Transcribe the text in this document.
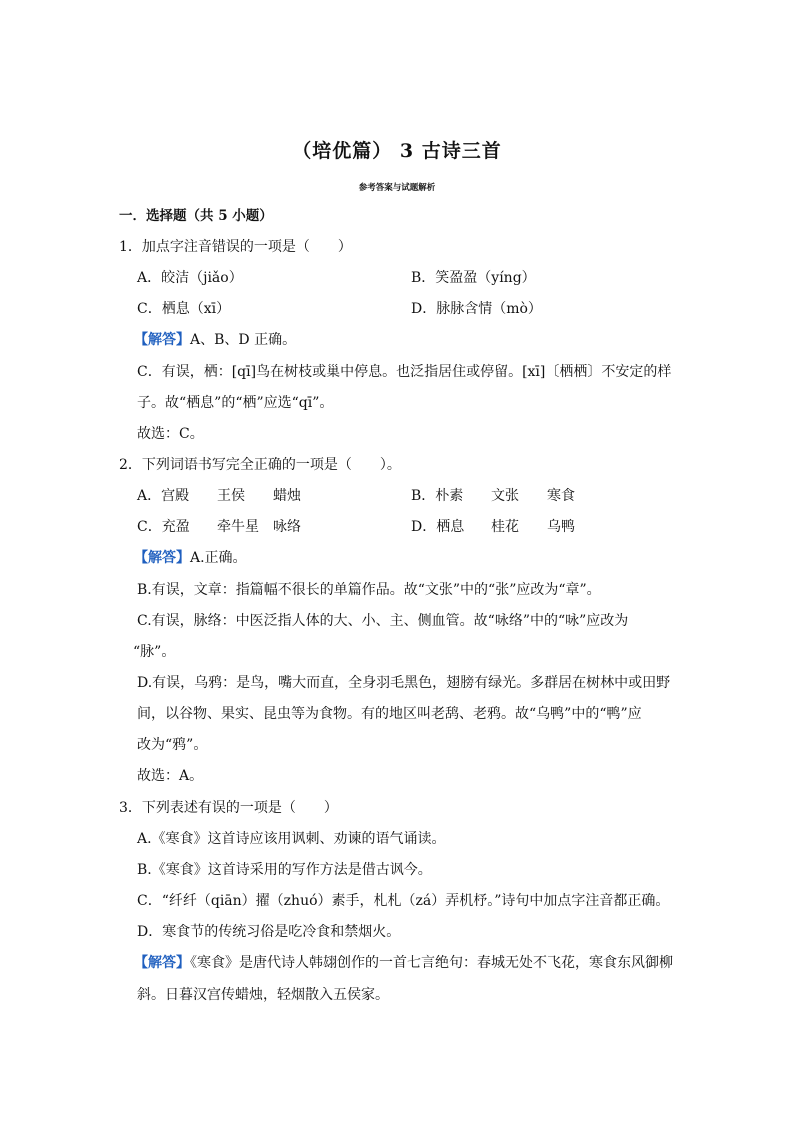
（培优篇） 3 古诗三首
参考答案与试题解析
一．选择题（共 5 小题）
1．加点字注音错误的一项是（　　）
A．皎洁（jiǎo）	B．笑盈盈（yíng）
C．栖息（xī）	D．脉脉含情（mò）
【解答】A、B、D 正确。
C．有误，栖：[qī]鸟在树枝或巢中停息。也泛指居住或停留。[xī]〔栖栖〕不安定的样
子。故“栖息”的“栖”应选“qī”。
故选：C。
2．下列词语书写完全正确的一项是（　　）。
A．宫殿 王侯 蜡烛	B．朴素 文张 寒食
C．充盈 牵牛星 咏络	D．栖息 桂花 乌鸭
【解答】A.正确。
B.有误，文章：指篇幅不很长的单篇作品。故“文张”中的“张”应改为“章”。
C.有误，脉络：中医泛指人体的大、小、主、侧血管。故“咏络”中的“咏”应改为
“脉”。
D.有误，乌鸦：是鸟，嘴大而直，全身羽毛黑色，翅膀有绿光。多群居在树林中或田野
间，以谷物、果实、昆虫等为食物。有的地区叫老鸹、老鸦。故“乌鸭”中的“鸭”应
改为“鸦”。
故选：A。
3．下列表述有误的一项是（　　）
A.《寒食》这首诗应该用讽刺、劝谏的语气诵读。
B.《寒食》这首诗采用的写作方法是借古讽今。
C．“纤纤（qiān）擢（zhuó）素手，札札（zá）弄机杼。”诗句中加点字注音都正确。
D．寒食节的传统习俗是吃冷食和禁烟火。
【解答】《寒食》是唐代诗人韩翃创作的一首七言绝句：春城无处不飞花，寒食东风御柳
斜。日暮汉宫传蜡烛，轻烟散入五侯家。
